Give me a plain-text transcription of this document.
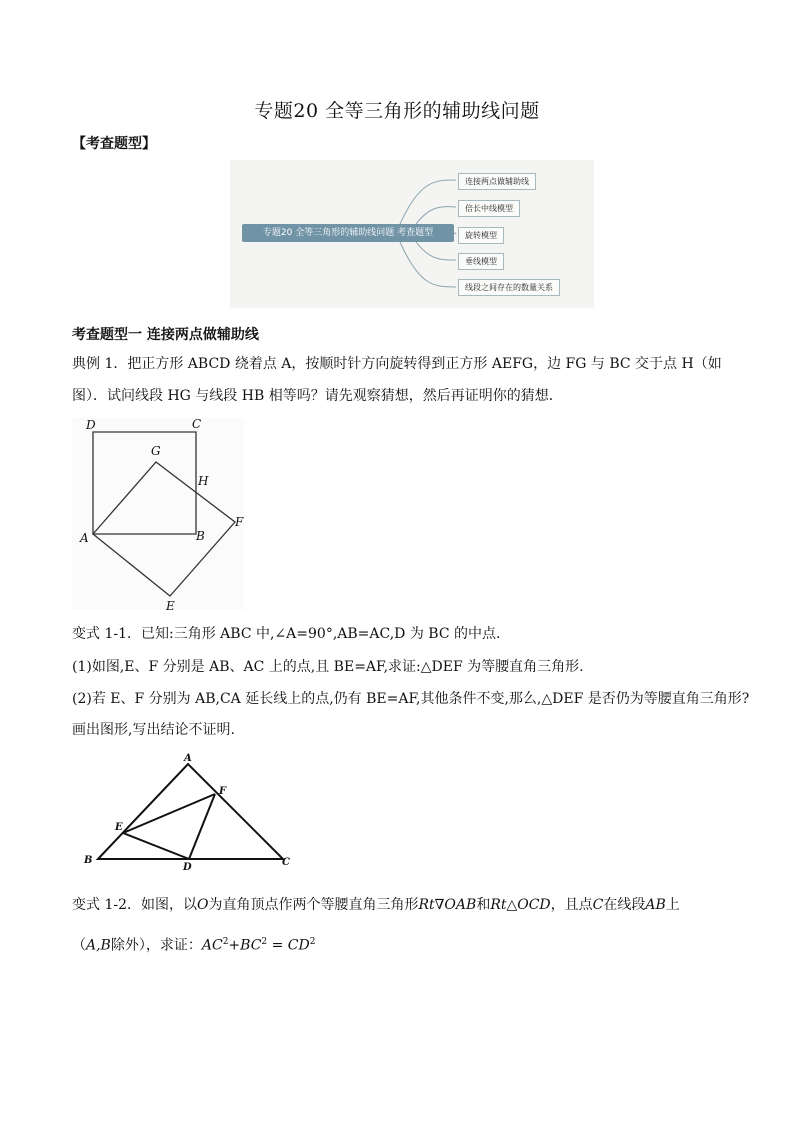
专题20 全等三角形的辅助线问题
【考查题型】
专题20 全等三角形的辅助线问题 考查题型
连接两点做辅助线
倍长中线模型
旋转模型
垂线模型
线段之间存在的数量关系
考查题型一 连接两点做辅助线
典例 1．把正方形 ABCD 绕着点 A，按顺时针方向旋转得到正方形 AEFG，边 FG 与 BC 交于点 H（如
图）．试问线段 HG 与线段 HB 相等吗？请先观察猜想，然后再证明你的猜想．
D	C
G
H
F
A	B
E
变式 1-1．已知:三角形 ABC 中,∠A=90°,AB=AC,D 为 BC 的中点.
(1)如图,E、F 分别是 AB、AC 上的点,且 BE=AF,求证:△DEF 为等腰直角三角形.
(2)若 E、F 分别为 AB,CA 延长线上的点,仍有 BE=AF,其他条件不变,那么,△DEF 是否仍为等腰直角三角形?
画出图形,写出结论不证明.
A
F
E
B
D	C
变式 1-2．如图，以O为直角顶点作两个等腰直角三角形Rt∇OAB和Rt△OCD，且点C在线段AB上
（A,B除外），求证：$AC^2+BC^2 = CD^2$
